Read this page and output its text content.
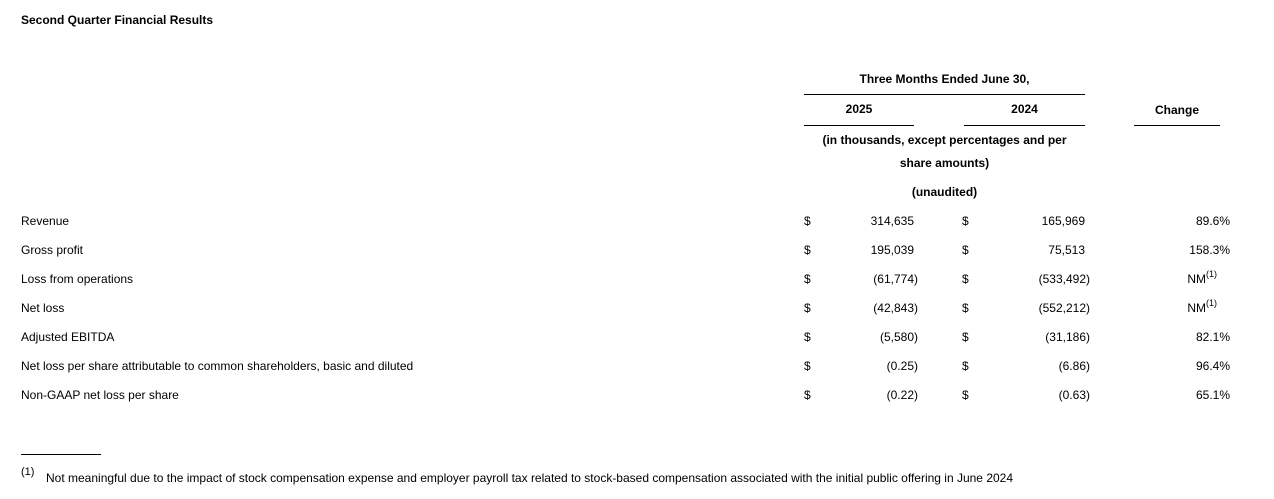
Second Quarter Financial Results
Three Months Ended June 30,
2025	2024	Change
(in thousands, except percentages and per
share amounts)
(unaudited)
Revenue	$	314,635	$	165,969	89.6%
Gross profit	$	195,039	$	75,513	158.3%
Loss from operations	$	(61,774)	$	(533,492)	NM$^{(1)}$
Net loss	$	(42,843)	$	(552,212)	NM$^{(1)}$
Adjusted EBITDA	$	(5,580)	$	(31,186)	82.1%
Net loss per share attributable to common shareholders, basic and diluted	$	(0.25)	$	(6.86)	96.4%
Non-GAAP net loss per share	$	(0.22)	$	(0.63)	65.1%
(1) Not meaningful due to the impact of stock compensation expense and employer payroll tax related to stock-based compensation associated with the initial public offering in June 2024
